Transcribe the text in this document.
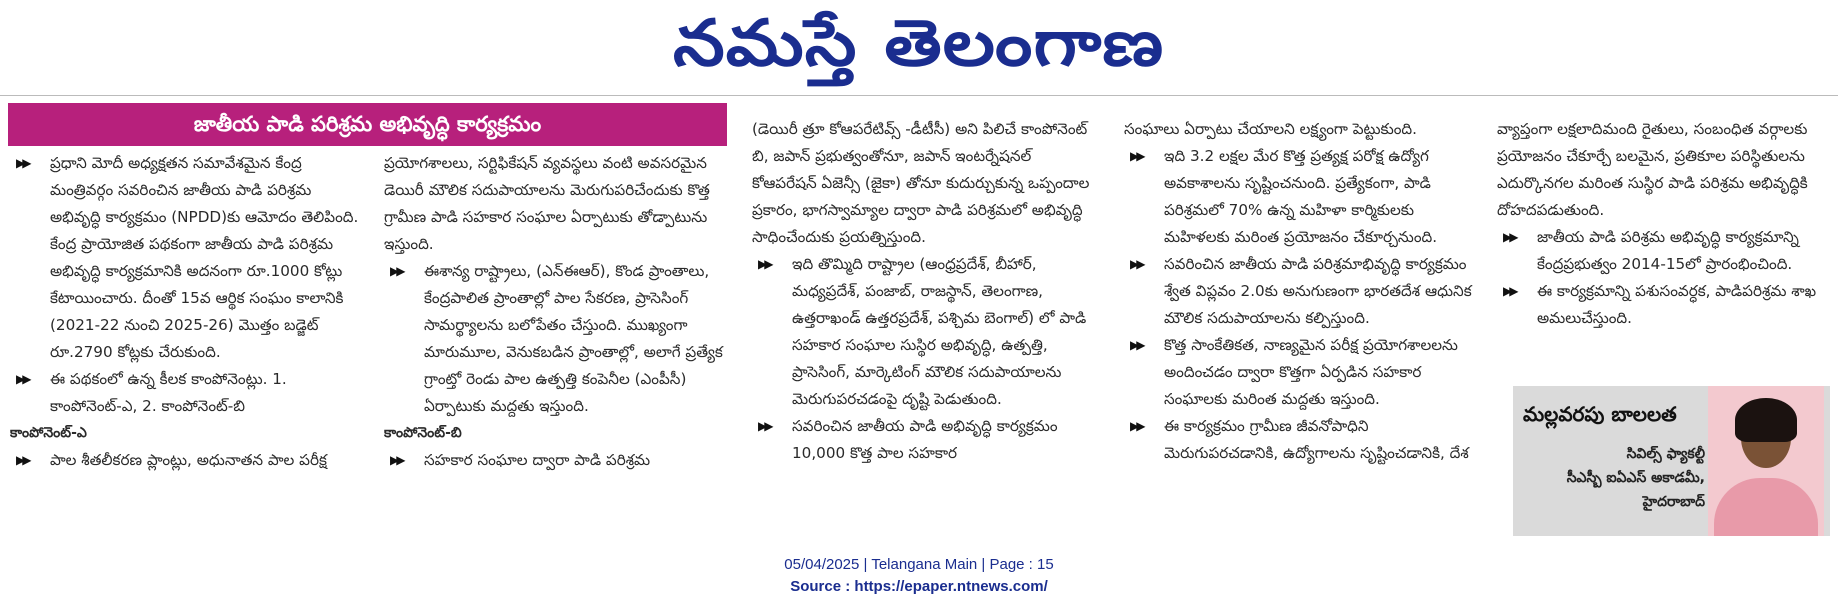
నమస్తే తెలంగాణ
జాతీయ పాడి పరిశ్రమ అభివృద్ధి కార్యక్రమం

▶▶ ప్రధాని మోదీ అధ్యక్షతన సమావేశమైన కేంద్ర మంత్రివర్గం సవరించిన జాతీయ పాడి పరిశ్రమ అభివృద్ధి కార్యక్రమం (NPDD)కు ఆమోదం తెలిపింది. కేంద్ర ప్రాయోజిత పథకంగా జాతీయ పాడి పరిశ్రమ అభివృద్ధి కార్యక్రమానికి అదనంగా రూ.1000 కోట్లు కేటాయించారు. దీంతో 15వ ఆర్థిక సంఘం కాలానికి (2021-22 నుంచి 2025-26) మొత్తం బడ్జెట్ రూ.2790 కోట్లకు చేరుకుంది.

▶▶ ఈ పథకంలో ఉన్న కీలక కాంపోనెంట్లు. 1. కాంపోనెంట్-ఎ, 2. కాంపోనెంట్-బి

కాంపోనెంట్-ఎ

▶▶ పాల శీతలీకరణ ప్లాంట్లు, అధునాతన పాల పరీక్ష

ప్రయోగశాలలు, సర్టిఫికేషన్ వ్యవస్థలు వంటి అవసరమైన డెయిరీ మౌలిక సదుపాయాలను మెరుగుపరిచేందుకు కొత్త గ్రామీణ పాడి సహకార సంఘాల ఏర్పాటుకు తోడ్పాటును ఇస్తుంది.

▶▶ ఈశాన్య రాష్ట్రాలు, (ఎన్ఈఆర్), కొండ ప్రాంతాలు, కేంద్రపాలిత ప్రాంతాల్లో పాల సేకరణ, ప్రాసెసింగ్ సామర్థ్యాలను బలోపేతం చేస్తుంది. ముఖ్యంగా మారుమూల, వెనుకబడిన ప్రాంతాల్లో, అలాగే ప్రత్యేక గ్రాంట్తో రెండు పాల ఉత్పత్తి కంపెనీల (ఎంపీసీ) ఏర్పాటుకు మద్దతు ఇస్తుంది.

కాంపోనెంట్-బి

▶▶ సహకార సంఘాల ద్వారా పాడి పరిశ్రమ

(డెయిరీ త్రూ కోఆపరేటివ్స్ -డీటీసీ) అని పిలిచే కాంపోనెంట్ బి, జపాన్ ప్రభుత్వంతోనూ, జపాన్ ఇంటర్నేషనల్ కోఆపరేషన్ ఏజెన్సీ (జైకా) తోనూ కుదుర్చుకున్న ఒప్పందాల ప్రకారం, భాగస్వామ్యాల ద్వారా పాడి పరిశ్రమలో అభివృద్ధి సాధించేందుకు ప్రయత్నిస్తుంది.

▶▶ ఇది తొమ్మిది రాష్ట్రాల (ఆంధ్రప్రదేశ్, బీహార్, మధ్యప్రదేశ్, పంజాబ్, రాజస్థాన్, తెలంగాణ, ఉత్తరాఖండ్ ఉత్తరప్రదేశ్, పశ్చిమ బెంగాల్) లో పాడి సహకార సంఘాల సుస్థిర అభివృద్ధి, ఉత్పత్తి, ప్రాసెసింగ్, మార్కెటింగ్ మౌలిక సదుపాయాలను మెరుగుపరచడంపై దృష్టి పెడుతుంది.

▶▶ సవరించిన జాతీయ పాడి అభివృద్ధి కార్యక్రమం 10,000 కొత్త పాల సహకార

సంఘాలు ఏర్పాటు చేయాలని లక్ష్యంగా పెట్టుకుంది.

▶▶ ఇది 3.2 లక్షల మేర కొత్త ప్రత్యక్ష పరోక్ష ఉద్యోగ అవకాశాలను సృష్టించనుంది. ప్రత్యేకంగా, పాడి పరిశ్రమలో 70% ఉన్న మహిళా కార్మికులకు మహిళలకు మరింత ప్రయోజనం చేకూర్చనుంది.

▶▶ సవరించిన జాతీయ పాడి పరిశ్రమాభివృద్ధి కార్యక్రమం శ్వేత విప్లవం 2.0కు అనుగుణంగా భారతదేశ ఆధునిక మౌలిక సదుపాయాలను కల్పిస్తుంది.

▶▶ కొత్త సాంకేతికత, నాణ్యమైన పరీక్ష ప్రయోగశాలలను అందించడం ద్వారా కొత్తగా ఏర్పడిన సహకార సంఘాలకు మరింత మద్దతు ఇస్తుంది.

▶▶ ఈ కార్యక్రమం గ్రామీణ జీవనోపాధిని మెరుగుపరచడానికి, ఉద్యోగాలను సృష్టించడానికి, దేశ

వ్యాప్తంగా లక్షలాదిమంది రైతులు, సంబంధిత వర్గాలకు ప్రయోజనం చేకూర్చే బలమైన, ప్రతికూల పరిస్థితులను ఎదుర్కొనగల మరింత సుస్థిర పాడి పరిశ్రమ అభివృద్ధికి దోహదపడుతుంది.

▶▶ జాతీయ పాడి పరిశ్రమ అభివృద్ధి కార్యక్రమాన్ని కేంద్రప్రభుత్వం 2014-15లో ప్రారంభించింది.

▶▶ ఈ కార్యక్రమాన్ని పశుసంవర్ధక, పాడిపరిశ్రమ శాఖ అమలుచేస్తుంది.

మల్లవరపు బాలలత
సివిల్స్ ఫ్యాకల్టీ
సీఎస్బీ ఐఏఎస్ అకాడమీ,
హైదరాబాద్
05/04/2025 | Telangana Main | Page : 15
Source : https://epaper.ntnews.com/
